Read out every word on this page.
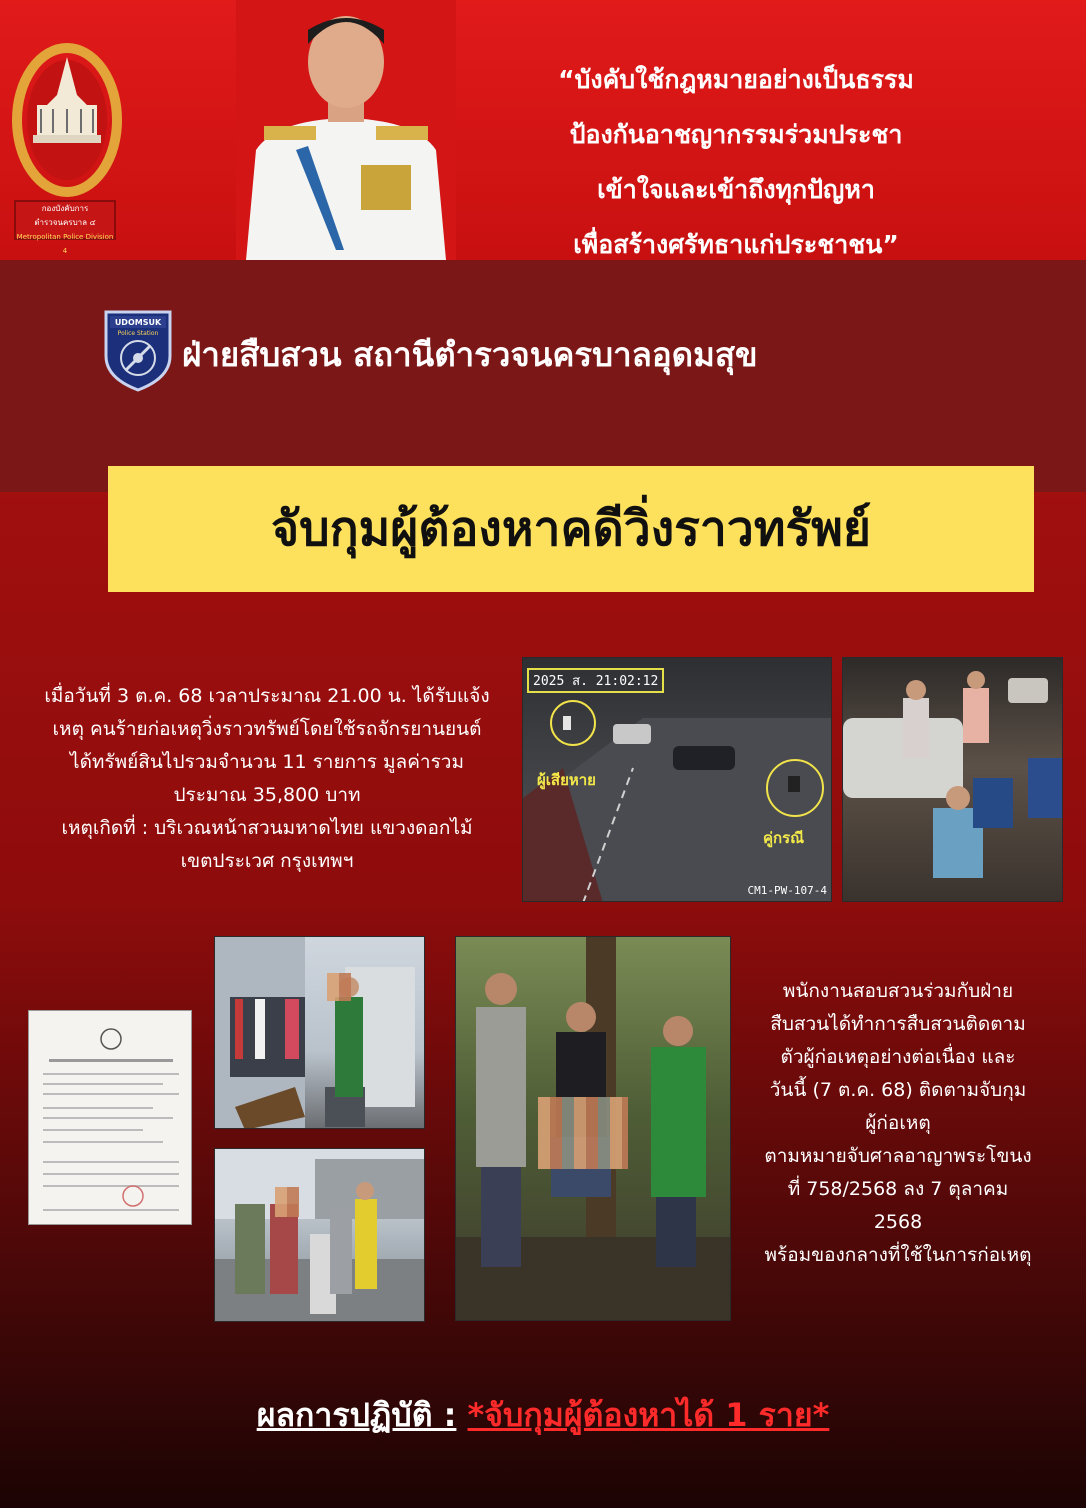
กองบังคับการตำรวจนครบาล ๔
Metropolitan Police Division 4
“บังคับใช้กฎหมายอย่างเป็นธรรม
ป้องกันอาชญากรรมร่วมประชา
เข้าใจและเข้าถึงทุกปัญหา
เพื่อสร้างศรัทธาแก่ประชาชน”
UDOMSUK
Police Station
ฝ่ายสืบสวน สถานีตำรวจนครบาลอุดมสุข
จับกุมผู้ต้องหาคดีวิ่งราวทรัพย์
เมื่อวันที่ 3 ต.ค. 68 เวลาประมาณ 21.00 น. ได้รับแจ้ง
เหตุ คนร้ายก่อเหตุวิ่งราวทรัพย์โดยใช้รถจักรยานยนต์
ได้ทรัพย์สินไปรวมจำนวน 11 รายการ มูลค่ารวม
ประมาณ 35,800 บาท
เหตุเกิดที่ : บริเวณหน้าสวนมหาดไทย แขวงดอกไม้
เขตประเวศ กรุงเทพฯ
2025 ส. 21:02:12
ผู้เสียหาย
คู่กรณี
CM1-PW-107-4
พนักงานสอบสวนร่วมกับฝ่าย
สืบสวนได้ทำการสืบสวนติดตาม
ตัวผู้ก่อเหตุอย่างต่อเนื่อง และ
วันนี้ (7 ต.ค. 68) ติดตามจับกุม
ผู้ก่อเหตุ
ตามหมายจับศาลอาญาพระโขนง
ที่ 758/2568 ลง 7 ตุลาคม
2568
พร้อมของกลางที่ใช้ในการก่อเหตุ
ผลการปฏิบัติ : *จับกุมผู้ต้องหาได้ 1 ราย*
